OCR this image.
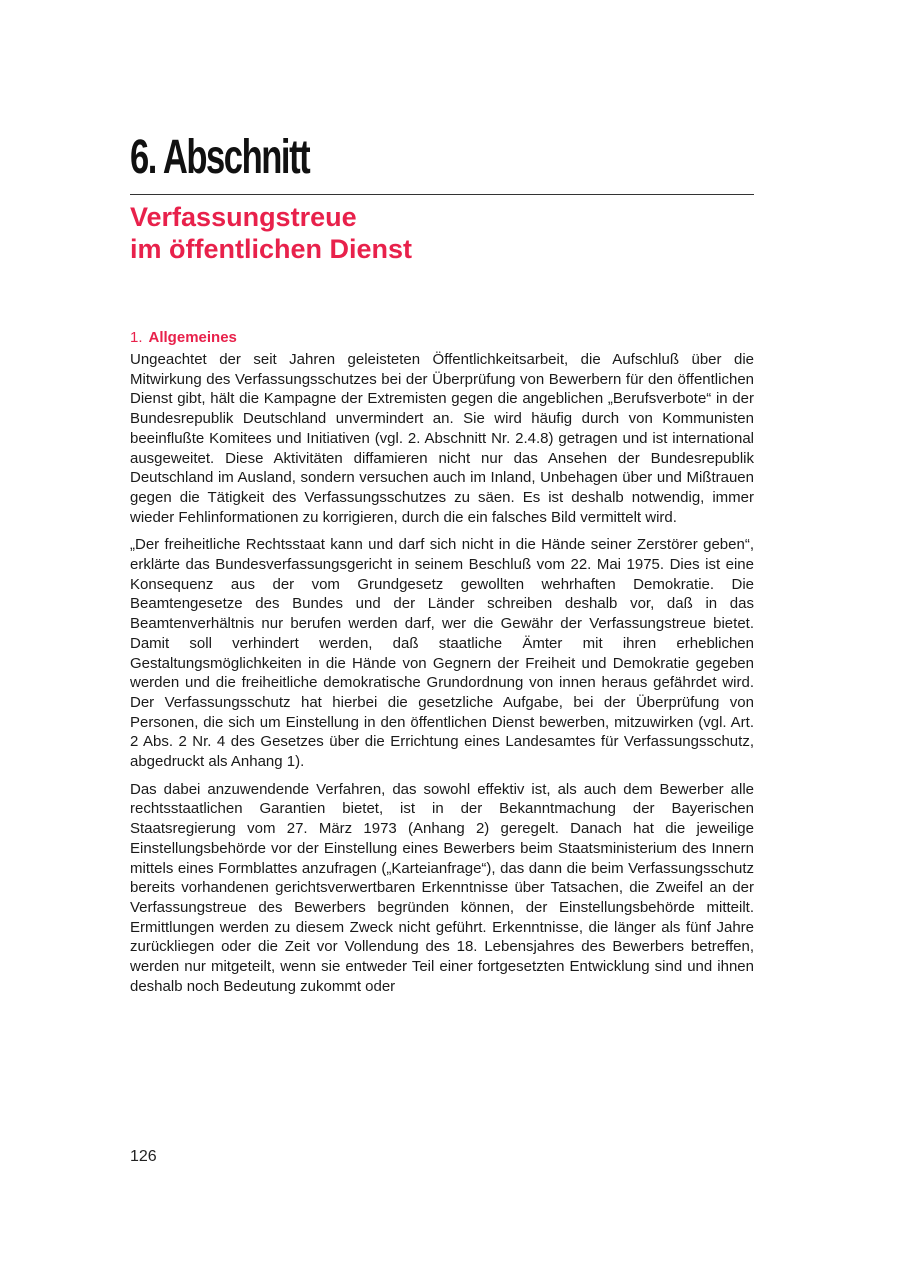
6. Abschnitt
Verfassungstreue
im öffentlichen Dienst
1. Allgemeines

Ungeachtet der seit Jahren geleisteten Öffentlichkeitsarbeit, die Aufschluß über die Mitwirkung des Verfassungsschutzes bei der Überprüfung von Bewerbern für den öffentlichen Dienst gibt, hält die Kampagne der Extremisten gegen die angeblichen „Berufsverbote“ in der Bundesrepublik Deutschland unvermindert an. Sie wird häufig durch von Kommunisten beeinflußte Komitees und Initiativen (vgl. 2. Abschnitt Nr. 2.4.8) getragen und ist international ausgeweitet. Diese Aktivitäten diffamieren nicht nur das Ansehen der Bundesrepublik Deutschland im Ausland, sondern versuchen auch im Inland, Unbehagen über und Mißtrauen gegen die Tätigkeit des Verfassungsschutzes zu säen. Es ist deshalb notwendig, immer wieder Fehlinformationen zu korrigieren, durch die ein falsches Bild vermittelt wird.

„Der freiheitliche Rechtsstaat kann und darf sich nicht in die Hände seiner Zerstörer geben“, erklärte das Bundesverfassungsgericht in seinem Beschluß vom 22. Mai 1975. Dies ist eine Konsequenz aus der vom Grundgesetz gewollten wehrhaften Demokratie. Die Beamtengesetze des Bundes und der Länder schreiben deshalb vor, daß in das Beamtenverhältnis nur berufen werden darf, wer die Gewähr der Verfassungstreue bietet. Damit soll verhindert werden, daß staatliche Ämter mit ihren erheblichen Gestaltungsmöglichkeiten in die Hände von Gegnern der Freiheit und Demokratie gegeben werden und die freiheitliche demokratische Grundordnung von innen heraus gefährdet wird. Der Verfassungsschutz hat hierbei die gesetzliche Aufgabe, bei der Überprüfung von Personen, die sich um Einstellung in den öffentlichen Dienst bewerben, mitzuwirken (vgl. Art. 2 Abs. 2 Nr. 4 des Gesetzes über die Errichtung eines Landesamtes für Verfassungsschutz, abgedruckt als Anhang 1).

Das dabei anzuwendende Verfahren, das sowohl effektiv ist, als auch dem Bewerber alle rechtsstaatlichen Garantien bietet, ist in der Bekanntmachung der Bayerischen Staatsregierung vom 27. März 1973 (Anhang 2) geregelt. Danach hat die jeweilige Einstellungsbehörde vor der Einstellung eines Bewerbers beim Staatsministerium des Innern mittels eines Formblattes anzufragen („Karteianfrage“), das dann die beim Verfassungsschutz bereits vorhandenen gerichtsverwertbaren Erkenntnisse über Tatsachen, die Zweifel an der Verfassungstreue des Bewerbers begründen können, der Einstellungsbehörde mitteilt. Ermittlungen werden zu diesem Zweck nicht geführt. Erkenntnisse, die länger als fünf Jahre zurückliegen oder die Zeit vor Vollendung des 18. Lebensjahres des Bewerbers betreffen, werden nur mitgeteilt, wenn sie entweder Teil einer fortgesetzten Entwicklung sind und ihnen deshalb noch Bedeutung zukommt oder

126
